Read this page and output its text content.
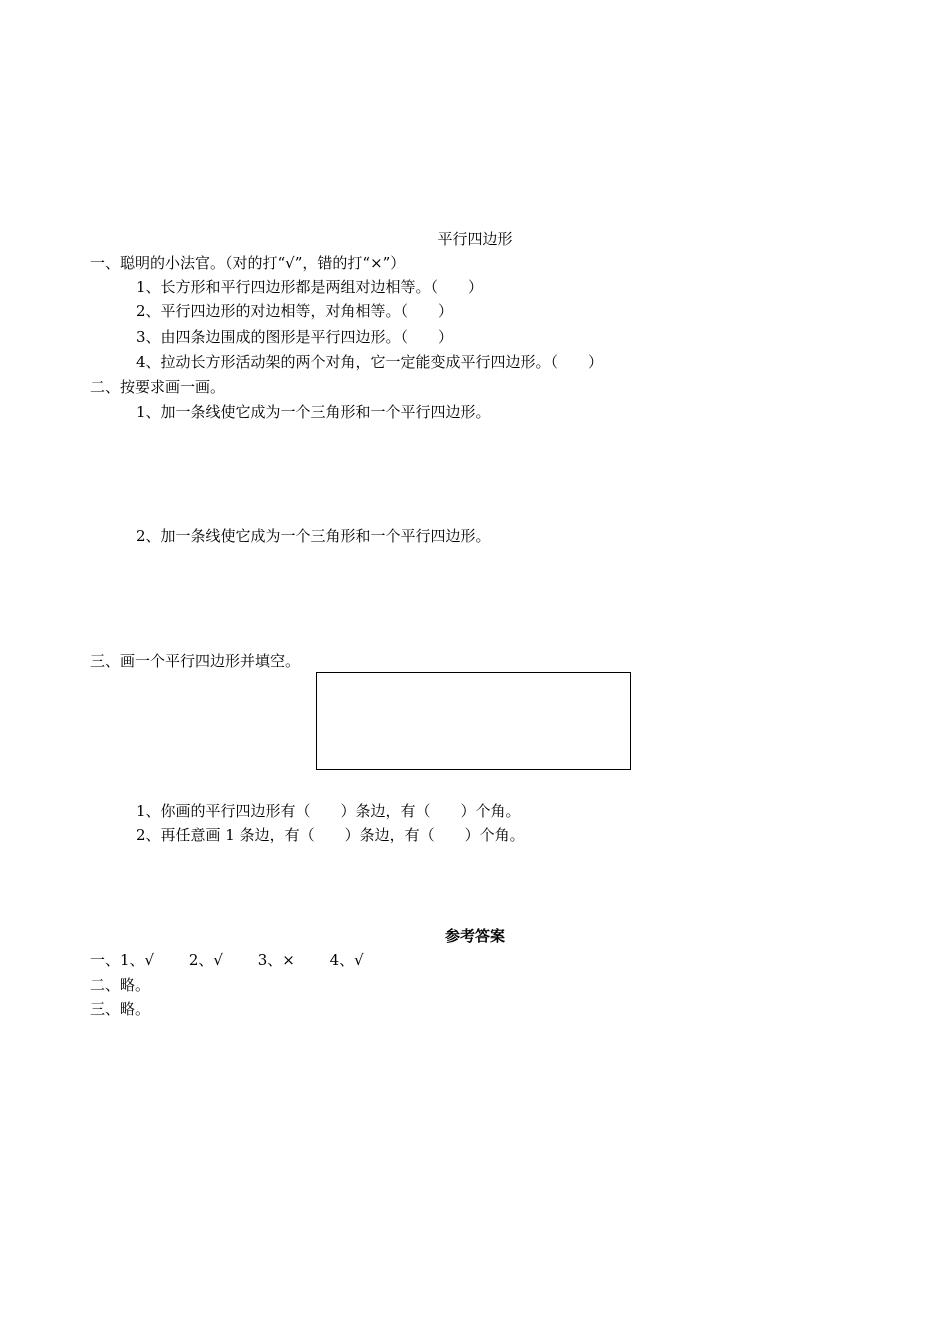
平行四边形
一、聪明的小法官。（对的打“√”，错的打“×”）
1、长方形和平行四边形都是两组对边相等。（　　）
2、平行四边形的对边相等，对角相等。（　　）
3、由四条边围成的图形是平行四边形。（　　）
4、拉动长方形活动架的两个对角，它一定能变成平行四边形。（　　）
二、按要求画一画。
1、加一条线使它成为一个三角形和一个平行四边形。
2、加一条线使它成为一个三角形和一个平行四边形。
三、画一个平行四边形并填空。
1、你画的平行四边形有（　　）条边，有（　　）个角。
2、再任意画 1 条边，有（　　）条边，有（　　）个角。
参考答案
一、1、√　　 2、√　　 3、×　　 4、√
二、略。
三、略。
